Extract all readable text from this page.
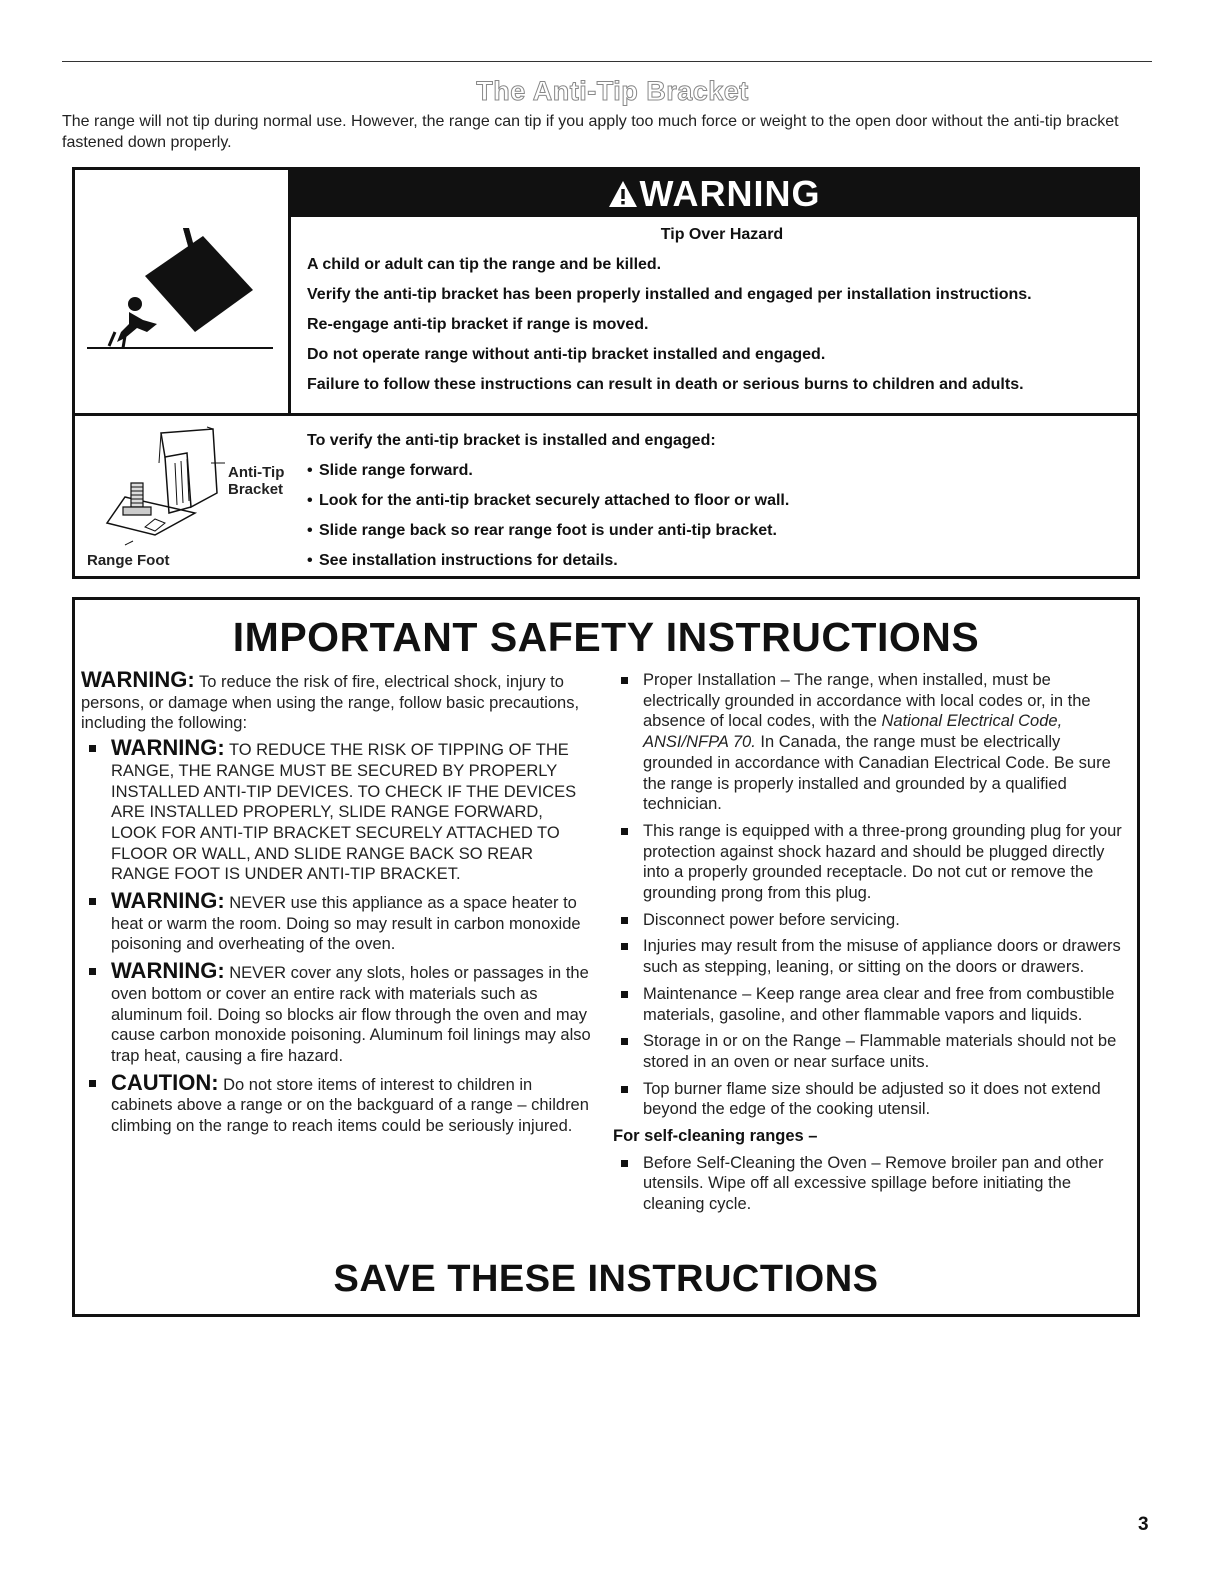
The Anti-Tip Bracket
The range will not tip during normal use. However, the range can tip if you apply too much force or weight to the open door without the anti-tip bracket fastened down properly.
WARNING
Tip Over Hazard

A child or adult can tip the range and be killed.

Verify the anti-tip bracket has been properly installed and engaged per installation instructions.

Re-engage anti-tip bracket if range is moved.

Do not operate range without anti-tip bracket installed and engaged.

Failure to follow these instructions can result in death or serious burns to children and adults.

Anti-Tip
Bracket
Range Foot
To verify the anti-tip bracket is installed and engaged:
• Slide range forward.
• Look for the anti-tip bracket securely attached to floor or wall.
• Slide range back so rear range foot is under anti-tip bracket.
• See installation instructions for details.
IMPORTANT SAFETY INSTRUCTIONS

WARNING: To reduce the risk of fire, electrical shock, injury to persons, or damage when using the range, follow basic precautions, including the following:

WARNING: TO REDUCE THE RISK OF TIPPING OF THE RANGE, THE RANGE MUST BE SECURED BY PROPERLY INSTALLED ANTI-TIP DEVICES. TO CHECK IF THE DEVICES ARE INSTALLED PROPERLY, SLIDE RANGE FORWARD, LOOK FOR ANTI-TIP BRACKET SECURELY ATTACHED TO FLOOR OR WALL, AND SLIDE RANGE BACK SO REAR RANGE FOOT IS UNDER ANTI-TIP BRACKET.
WARNING: NEVER use this appliance as a space heater to heat or warm the room. Doing so may result in carbon monoxide poisoning and overheating of the oven.
WARNING: NEVER cover any slots, holes or passages in the oven bottom or cover an entire rack with materials such as aluminum foil. Doing so blocks air flow through the oven and may cause carbon monoxide poisoning. Aluminum foil linings may also trap heat, causing a fire hazard.
CAUTION: Do not store items of interest to children in cabinets above a range or on the backguard of a range – children climbing on the range to reach items could be seriously injured.
Proper Installation – The range, when installed, must be electrically grounded in accordance with local codes or, in the absence of local codes, with the National Electrical Code, ANSI/NFPA 70. In Canada, the range must be electrically grounded in accordance with Canadian Electrical Code. Be sure the range is properly installed and grounded by a qualified technician.
This range is equipped with a three-prong grounding plug for your protection against shock hazard and should be plugged directly into a properly grounded receptacle. Do not cut or remove the grounding prong from this plug.
Disconnect power before servicing.
Injuries may result from the misuse of appliance doors or drawers such as stepping, leaning, or sitting on the doors or drawers.
Maintenance – Keep range area clear and free from combustible materials, gasoline, and other flammable vapors and liquids.
Storage in or on the Range – Flammable materials should not be stored in an oven or near surface units.
Top burner flame size should be adjusted so it does not extend beyond the edge of the cooking utensil.
For self-cleaning ranges –
Before Self-Cleaning the Oven – Remove broiler pan and other utensils. Wipe off all excessive spillage before initiating the cleaning cycle.
SAVE THESE INSTRUCTIONS
3
